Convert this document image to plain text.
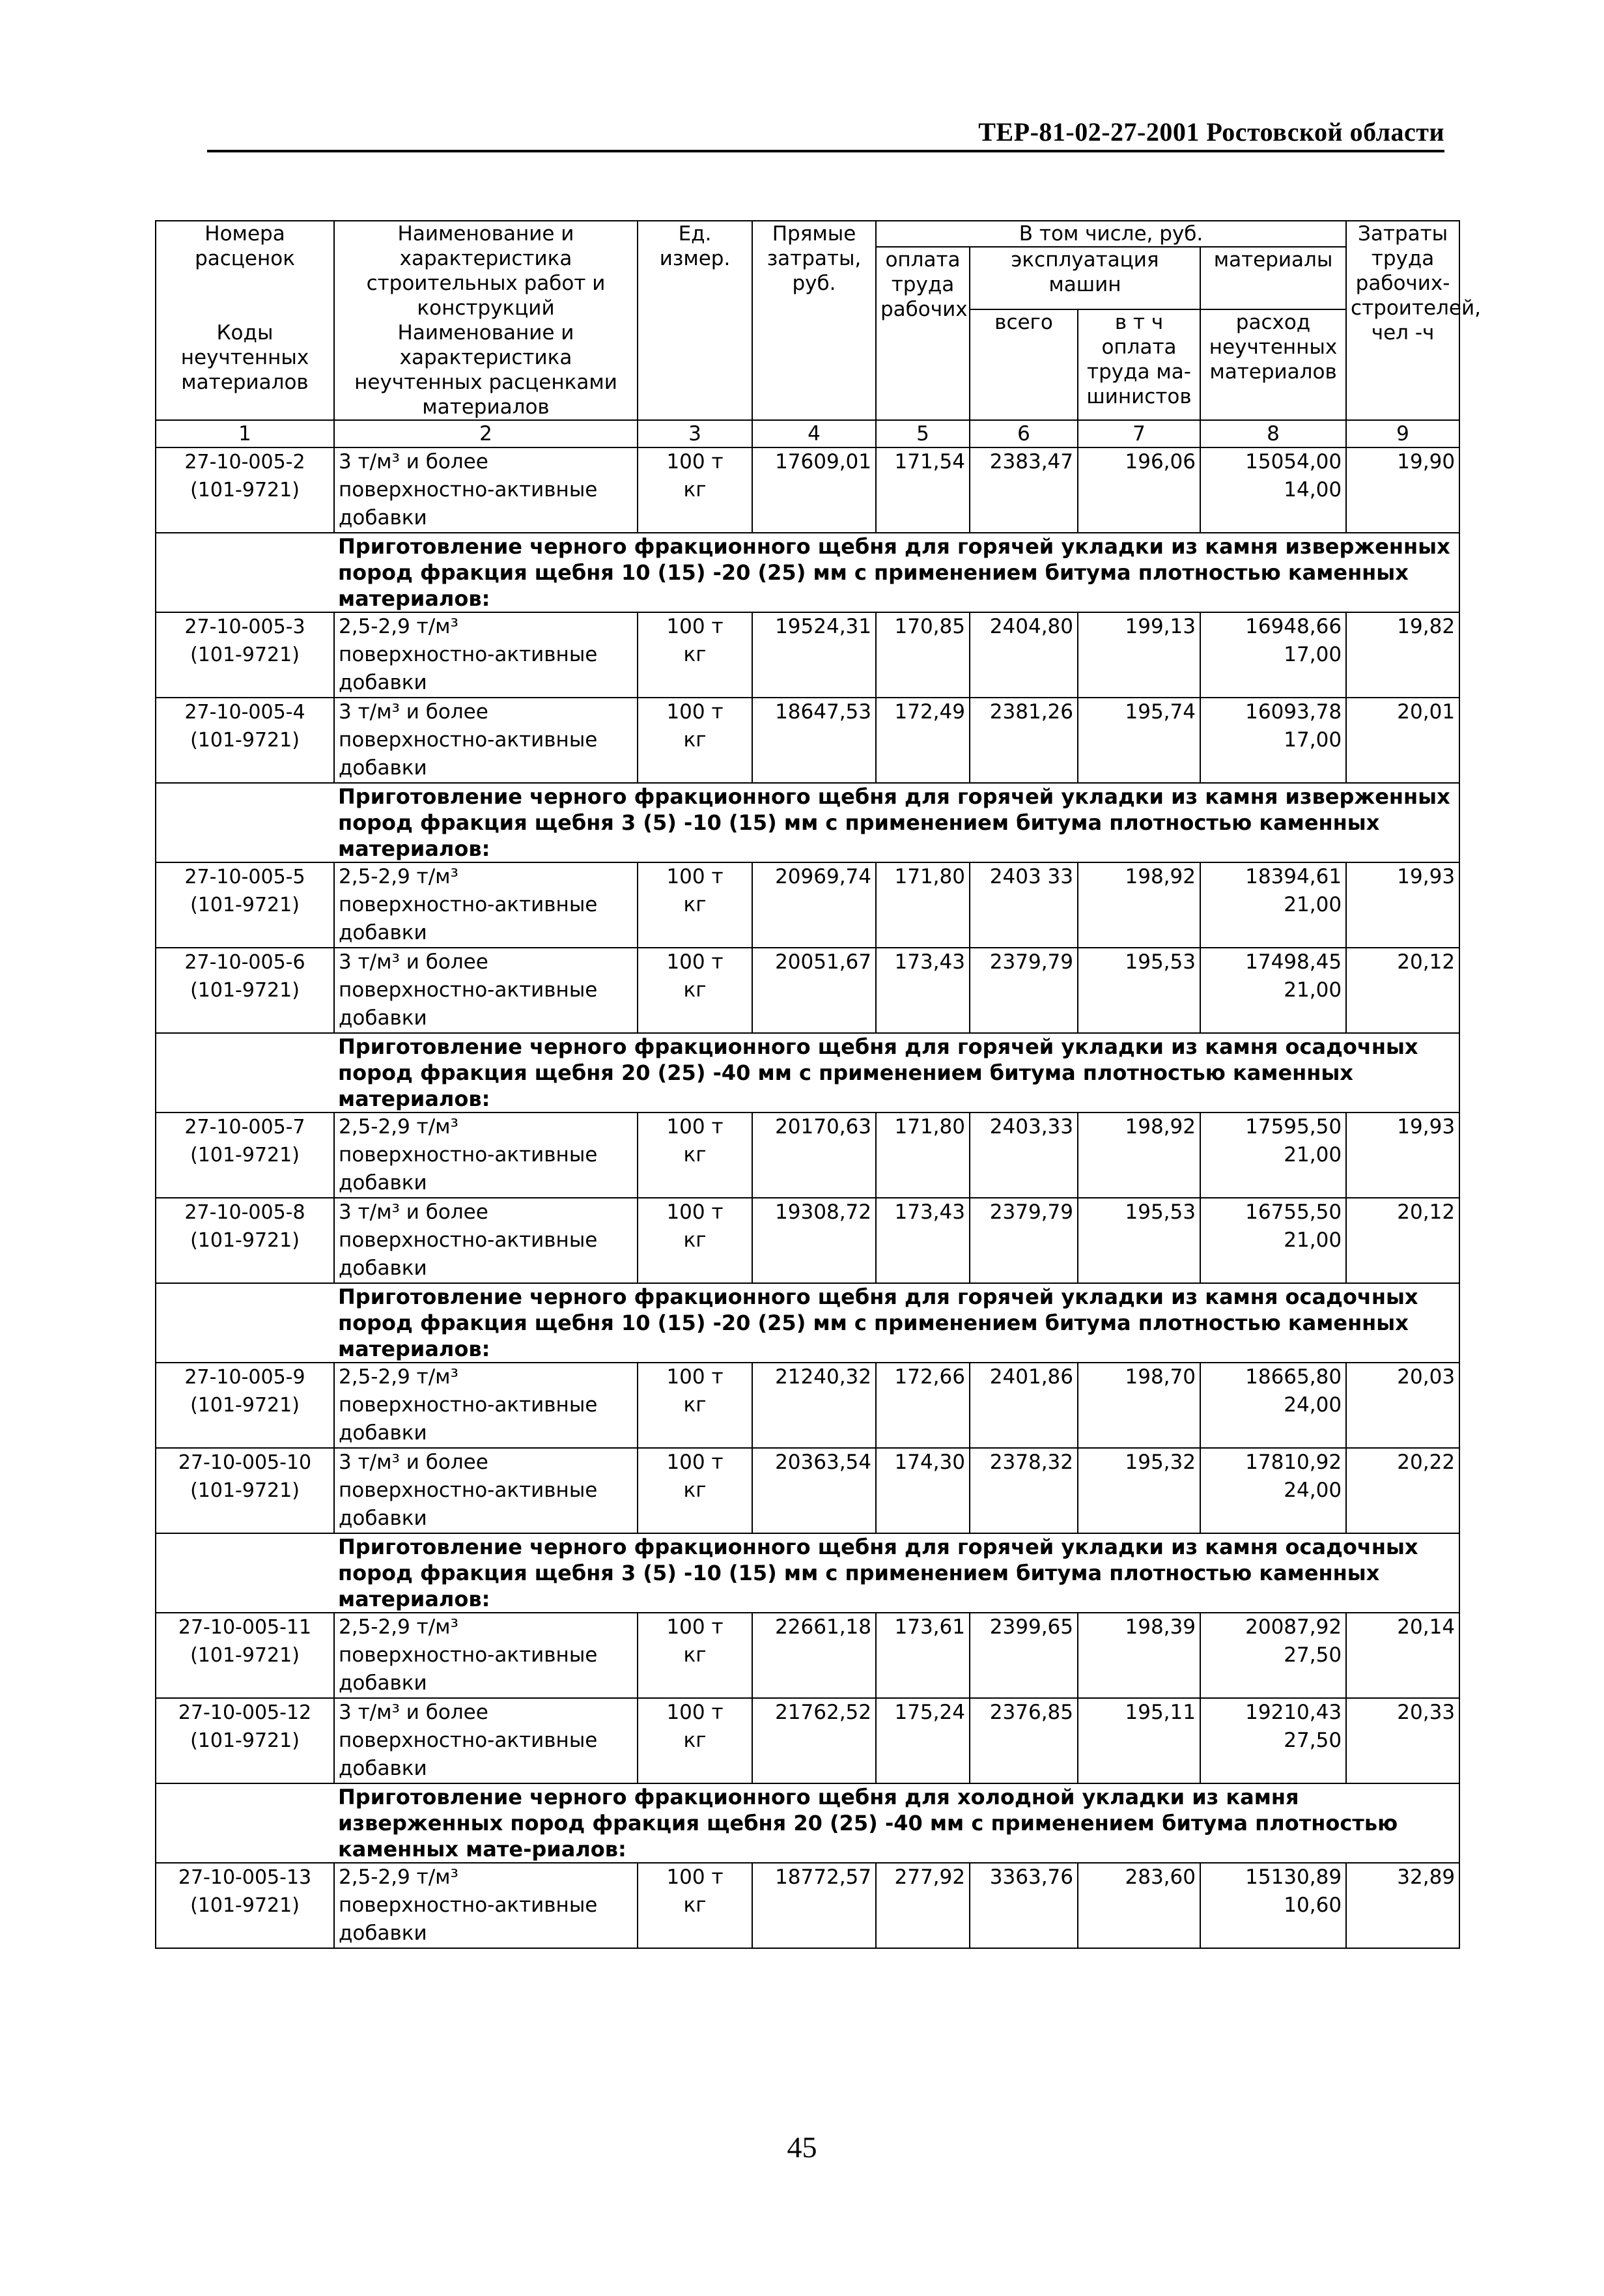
ТЕР-81-02-27-2001 Ростовской области
Номера расценок	Наименование и характеристика строительных работ и конструкций	Ед. измер.	Прямые затраты, руб.	В том числе, руб.				Затраты труда рабочих-строителей, чел -ч
				оплата труда рабочих	эксплуатация машин		материалы	
					всего	в т ч оплата труда ма-шинистов	расход неучтенных материалов	
Коды неучтенных материалов	Наименование и характеристика неучтенных расценками материалов							

1	2	3	4	5	6	7	8	9
27-10-005-2	3 т/м³ и более	100 т	17609,01	171,54	2383,47	196,06	15054,00	19,90
(101-9721)	поверхностно-активные добавки	кг					14,00	
	Приготовление черного фракционного щебня для горячей укладки из камня изверженных пород фракция щебня 10 (15) -20 (25) мм с применением битума плотностью каменных материалов:							
27-10-005-3	2,5-2,9 т/м³	100 т	19524,31	170,85	2404,80	199,13	16948,66	19,82
(101-9721)	поверхностно-активные добавки	кг					17,00	
27-10-005-4	3 т/м³ и более	100 т	18647,53	172,49	2381,26	195,74	16093,78	20,01
(101-9721)	поверхностно-активные добавки	кг					17,00	
	Приготовление черного фракционного щебня для горячей укладки из камня изверженных пород фракция щебня 3 (5) -10 (15) мм с применением битума плотностью каменных материалов:							
27-10-005-5	2,5-2,9 т/м³	100 т	20969,74	171,80	2403 33	198,92	18394,61	19,93
(101-9721)	поверхностно-активные добавки	кг					21,00	
27-10-005-6	3 т/м³ и более	100 т	20051,67	173,43	2379,79	195,53	17498,45	20,12
(101-9721)	поверхностно-активные добавки	кг					21,00	
	Приготовление черного фракционного щебня для горячей укладки из камня осадочных пород фракция щебня 20 (25) -40 мм с применением битума плотностью каменных материалов:							
27-10-005-7	2,5-2,9 т/м³	100 т	20170,63	171,80	2403,33	198,92	17595,50	19,93
(101-9721)	поверхностно-активные добавки	кг					21,00	
27-10-005-8	3 т/м³ и более	100 т	19308,72	173,43	2379,79	195,53	16755,50	20,12
(101-9721)	поверхностно-активные добавки	кг					21,00	
	Приготовление черного фракционного щебня для горячей укладки из камня осадочных пород фракция щебня 10 (15) -20 (25) мм с применением битума плотностью каменных материалов:							
27-10-005-9	2,5-2,9 т/м³	100 т	21240,32	172,66	2401,86	198,70	18665,80	20,03
(101-9721)	поверхностно-активные добавки	кг					24,00	
27-10-005-10	3 т/м³ и более	100 т	20363,54	174,30	2378,32	195,32	17810,92	20,22
(101-9721)	поверхностно-активные добавки	кг					24,00	
	Приготовление черного фракционного щебня для горячей укладки из камня осадочных пород фракция щебня 3 (5) -10 (15) мм с применением битума плотностью каменных материалов:							
27-10-005-11	2,5-2,9 т/м³	100 т	22661,18	173,61	2399,65	198,39	20087,92	20,14
(101-9721)	поверхностно-активные добавки	кг					27,50	
27-10-005-12	3 т/м³ и более	100 т	21762,52	175,24	2376,85	195,11	19210,43	20,33
(101-9721)	поверхностно-активные добавки	кг					27,50	
	Приготовление черного фракционного щебня для холодной укладки из камня изверженных пород фракция щебня 20 (25) -40 мм с применением битума плотностью каменных мате-риалов:							
27-10-005-13	2,5-2,9 т/м³	100 т	18772,57	277,92	3363,76	283,60	15130,89	32,89
(101-9721)	поверхностно-активные добавки	кг					10,60	
45
